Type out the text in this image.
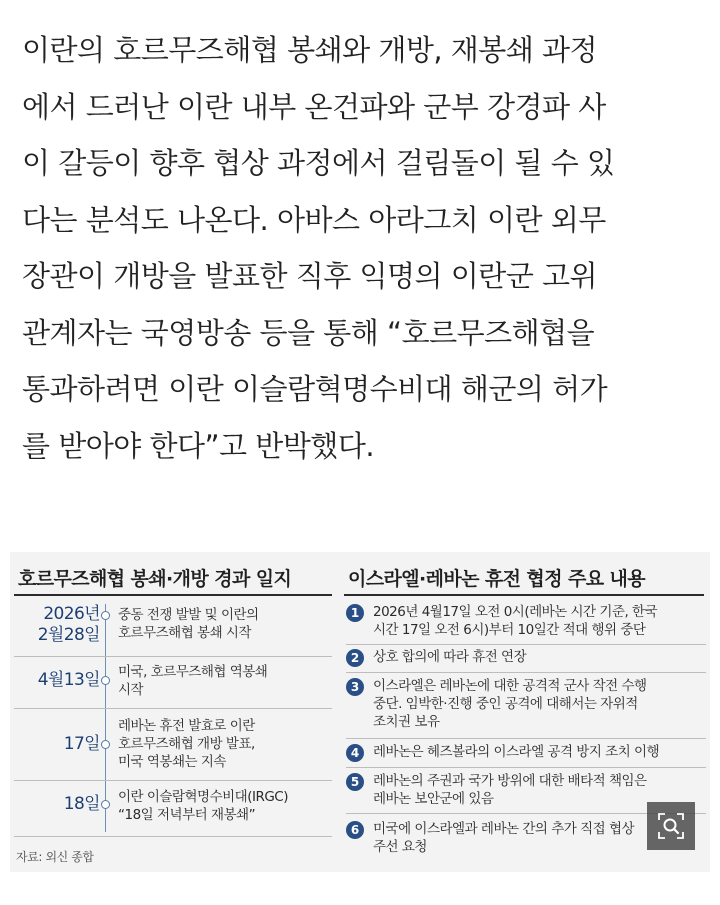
이란의 호르무즈해협 봉쇄와 개방, 재봉쇄 과정

에서 드러난 이란 내부 온건파와 군부 강경파 사

이 갈등이 향후 협상 과정에서 걸림돌이 될 수 있

다는 분석도 나온다. 아바스 아라그치 이란 외무

장관이 개방을 발표한 직후 익명의 이란군 고위

관계자는 국영방송 등을 통해 “호르무즈해협을

통과하려면 이란 이슬람혁명수비대 해군의 허가

를 받아야 한다”고 반박했다.

호르무즈해협 봉쇄·개방 경과 일지
2026년
2월28일
중동 전쟁 발발 및 이란의
호르무즈해협 봉쇄 시작
4월13일 미국, 호르무즈해협 역봉쇄
시작
17일
레바논 휴전 발효로 이란
호르무즈해협 개방 발표,
미국 역봉쇄는 지속
18일 이란 이슬람혁명수비대(IRGC)
“18일 저녁부터 재봉쇄”
자료: 외신 종합
이스라엘·레바논 휴전 협정 주요 내용
1	2026년 4월17일 오전 0시(레바논 시간 기준, 한국
시간 17일 오전 6시)부터 10일간 적대 행위 중단
2	상호 합의에 따라 휴전 연장
3	이스라엘은 레바논에 대한 공격적 군사 작전 수행
중단. 임박한·진행 중인 공격에 대해서는 자위적
조치권 보유
4	레바논은 헤즈볼라의 이스라엘 공격 방지 조치 이행
5	레바논의 주권과 국가 방위에 대한 배타적 책임은
레바논 보안군에 있음
6	미국에 이스라엘과 레바논 간의 추가 직접 협상
주선 요청
